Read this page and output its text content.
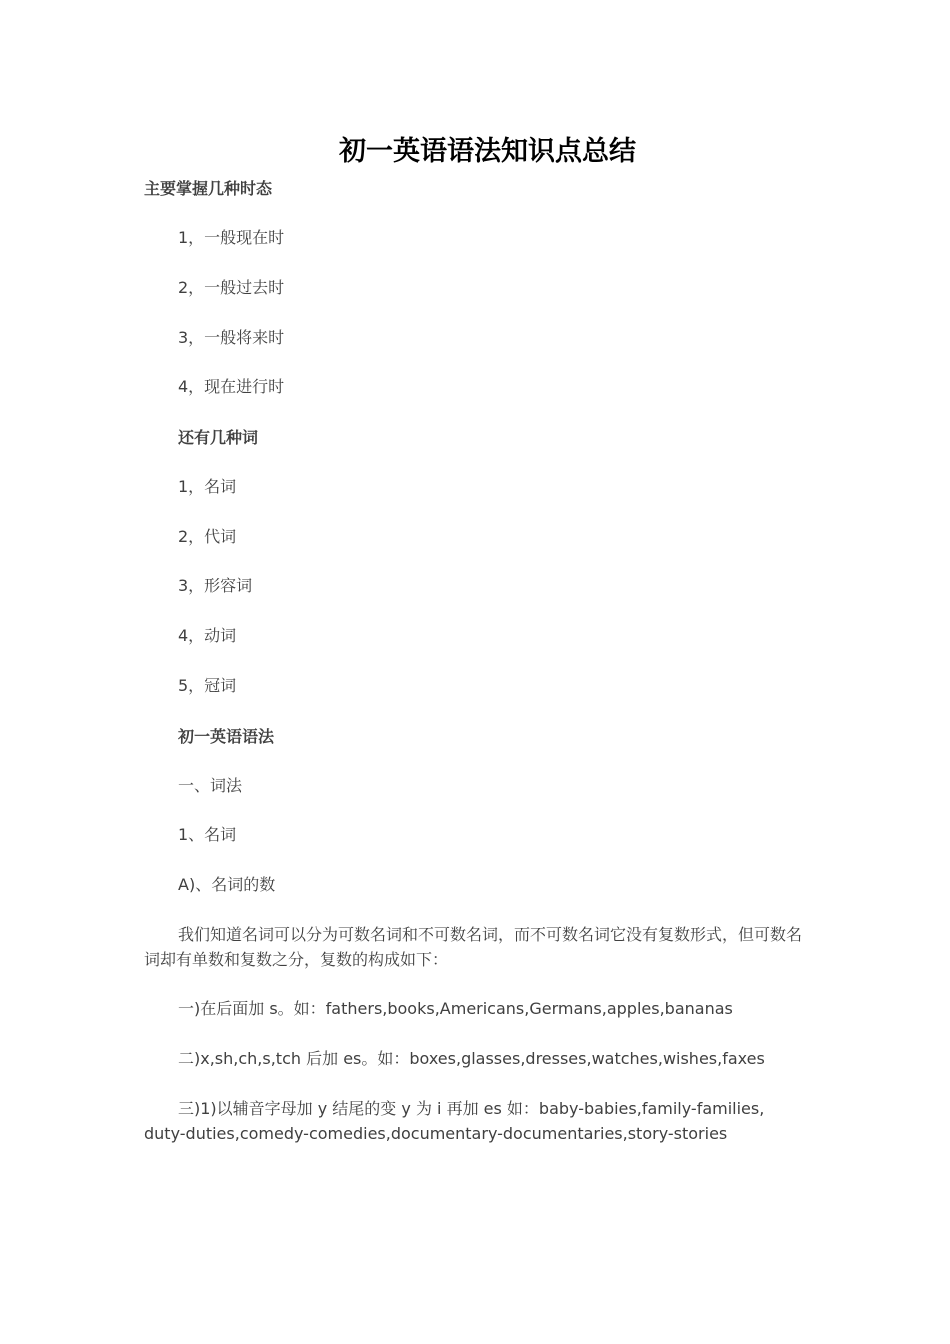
初一英语语法知识点总结
主要掌握几种时态
1，一般现在时
2，一般过去时
3，一般将来时
4，现在进行时
还有几种词
1，名词
2，代词
3，形容词
4，动词
5，冠词
初一英语语法
一、词法
1、名词
A)、名词的数
我们知道名词可以分为可数名词和不可数名词，而不可数名词它没有复数形式，但可数名词却有单数和复数之分，复数的构成如下：
一)在后面加 s。如：fathers,books,Americans,Germans,apples,bananas
二)x,sh,ch,s,tch 后加 es。如：boxes,glasses,dresses,watches,wishes,faxes
三)1)以辅音字母加 y 结尾的变 y 为 i 再加 es 如：baby-babies,family-families,duty-duties,comedy-comedies,documentary-documentaries,story-stories
